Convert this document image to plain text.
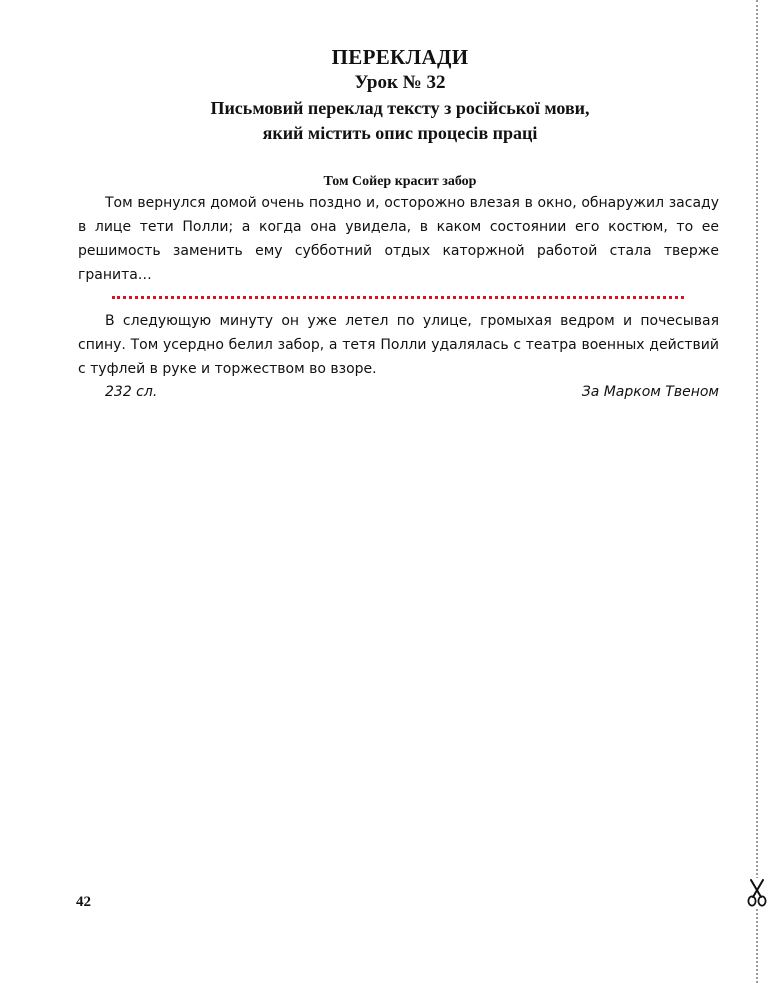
ПЕРЕКЛАДИ
Урок № 32
Письмовий переклад тексту з російської мови,
який містить опис процесів праці
Том Сойер красит забор

Том вернулся домой очень поздно и, осторожно влезая в окно, обнаружил засаду в лице тети Полли; а когда она увидела, в каком состоянии его костюм, то ее решимость заменить ему субботний отдых каторжной работой стала тверже гранита…

В следующую минуту он уже летел по улице, громыхая ведром и почесывая спину. Том усердно белил забор, а тетя Полли удалялась с театра военных действий с туфлей в руке и торжеством во взоре.

232 сл.	За Марком Твеном
42
